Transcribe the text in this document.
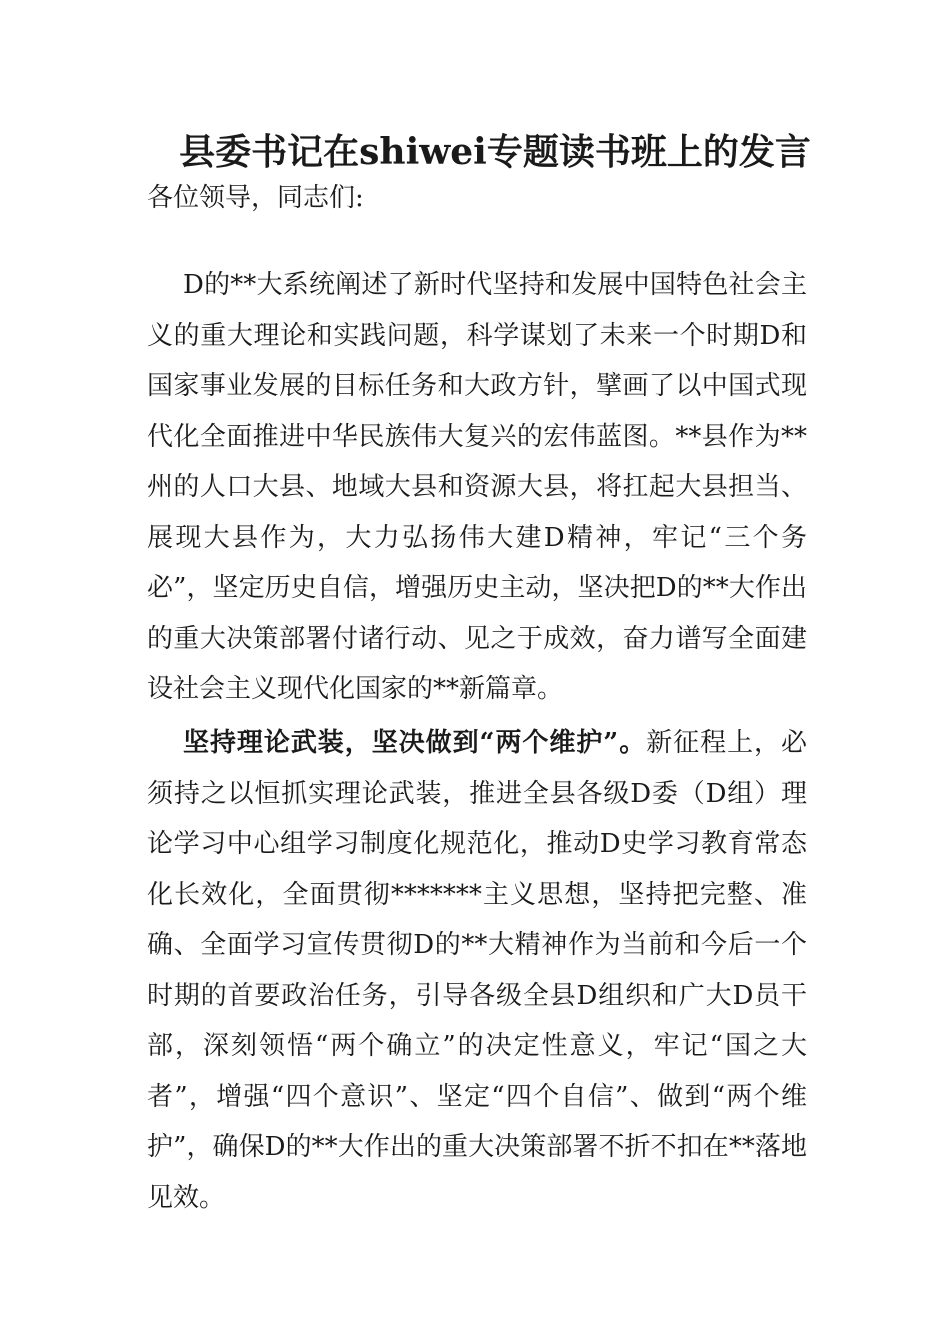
县委书记在shiwei专题读书班上的发言
各位领导，同志们:

D的**大系统阐述了新时代坚持和发展中国特色社会主义的重大理论和实践问题，科学谋划了未来一个时期D和国家事业发展的目标任务和大政方针，擘画了以中国式现代化全面推进中华民族伟大复兴的宏伟蓝图。**县作为**州的人口大县、地域大县和资源大县，将扛起大县担当、展现大县作为，大力弘扬伟大建D精神，牢记“三个务必”，坚定历史自信，增强历史主动，坚决把D的**大作出的重大决策部署付诸行动、见之于成效，奋力谱写全面建设社会主义现代化国家的**新篇章。

坚持理论武装，坚决做到“两个维护”。新征程上，必须持之以恒抓实理论武装，推进全县各级D委（D组）理论学习中心组学习制度化规范化，推动D史学习教育常态化长效化，全面贯彻*******主义思想，坚持把完整、准确、全面学习宣传贯彻D的**大精神作为当前和今后一个时期的首要政治任务，引导各级全县D组织和广大D员干部，深刻领悟“两个确立”的决定性意义，牢记“国之大者”，增强“四个意识”、坚定“四个自信”、做到“两个维护”，确保D的**大作出的重大决策部署不折不扣在**落地见效。
